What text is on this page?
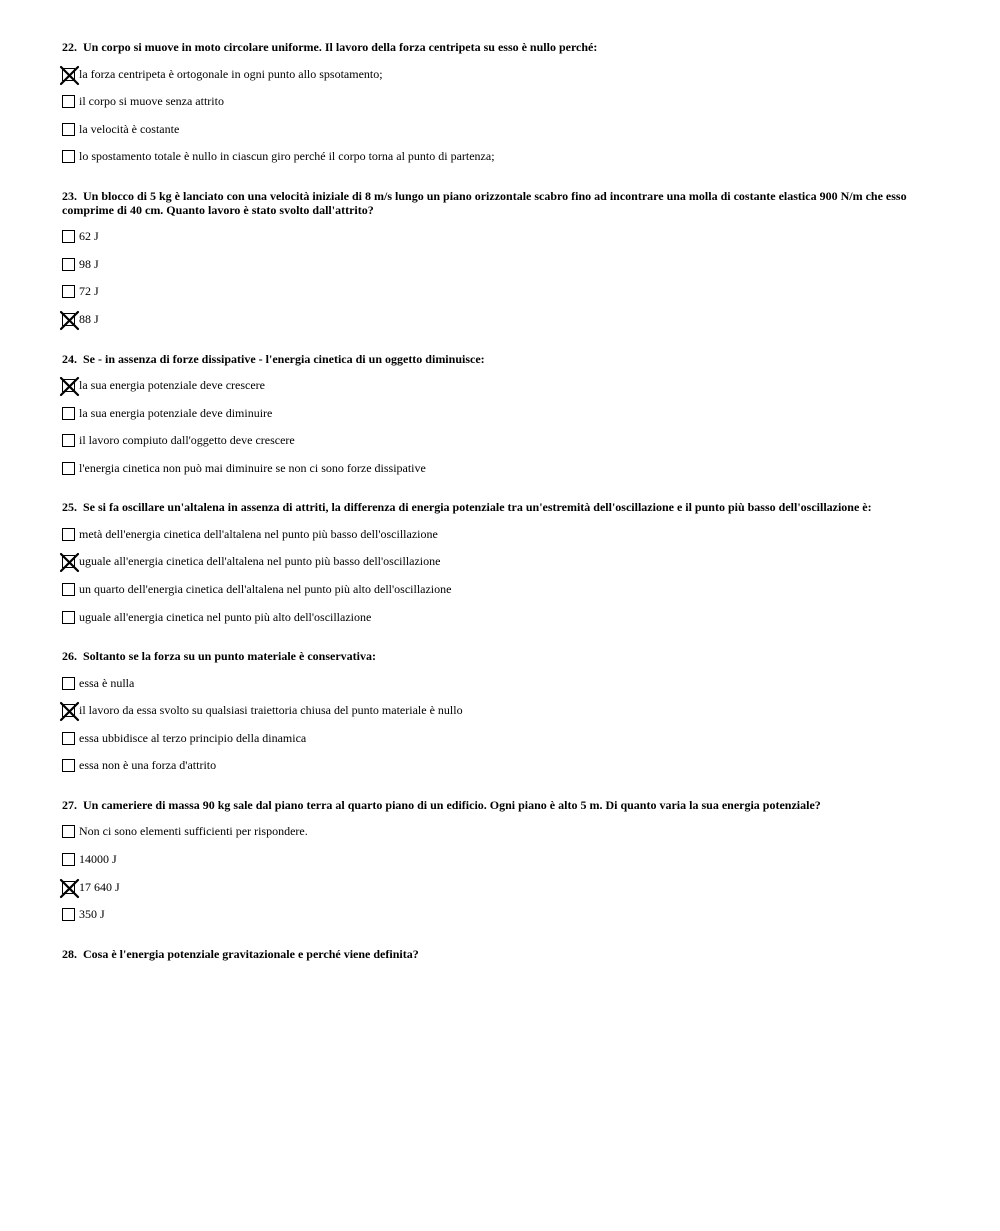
22. Un corpo si muove in moto circolare uniforme. Il lavoro della forza centripeta su esso è nullo perché:
la forza centripeta è ortogonale in ogni punto allo spsotamento;
il corpo si muove senza attrito
la velocità è costante
lo spostamento totale è nullo in ciascun giro perché il corpo torna al punto di partenza;
23. Un blocco di 5 kg è lanciato con una velocità iniziale di 8 m/s lungo un piano orizzontale scabro fino ad incontrare una molla di costante elastica 900 N/m che esso comprime di 40 cm. Quanto lavoro è stato svolto dall'attrito?
62 J
98 J
72 J
88 J
24. Se - in assenza di forze dissipative - l'energia cinetica di un oggetto diminuisce:
la sua energia potenziale deve crescere
la sua energia potenziale deve diminuire
il lavoro compiuto dall'oggetto deve crescere
l'energia cinetica non può mai diminuire se non ci sono forze dissipative
25. Se si fa oscillare un'altalena in assenza di attriti, la differenza di energia potenziale tra un'estremità dell'oscillazione e il punto più basso dell'oscillazione è:
metà dell'energia cinetica dell'altalena nel punto più basso dell'oscillazione
uguale all'energia cinetica dell'altalena nel punto più basso dell'oscillazione
un quarto dell'energia cinetica dell'altalena nel punto più alto dell'oscillazione
uguale all'energia cinetica nel punto più alto dell'oscillazione
26. Soltanto se la forza su un punto materiale è conservativa:
essa è nulla
il lavoro da essa svolto su qualsiasi traiettoria chiusa del punto materiale è nullo
essa ubbidisce al terzo principio della dinamica
essa non è una forza d'attrito
27. Un cameriere di massa 90 kg sale dal piano terra al quarto piano di un edificio. Ogni piano è alto 5 m. Di quanto varia la sua energia potenziale?
Non ci sono elementi sufficienti per rispondere.
14000 J
17 640 J
350 J
28. Cosa è l'energia potenziale gravitazionale e perché viene definita?
